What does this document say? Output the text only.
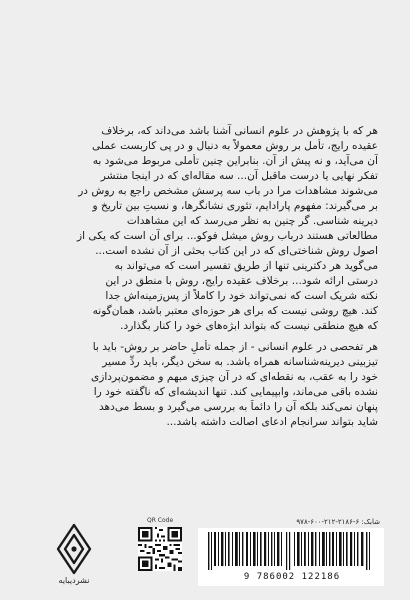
هر که با پژوهش در علوم انسانی آشنا باشد می‌داند که، برخلاف
عقیده رایج، تأمل بر روش معمولاً به دنبال و در پی کاربست عملی
آن می‌آید، و نه پیش از آن. بنابراین چنین تأملی مربوط می‌شود به
تفکر نهایی یا درست ماقبل آن... سه مقاله‌ای که در اینجا منتشر
می‌شوند مشاهدات مرا در باب سه پرسش مشخص راجع به روش در
بر می‌گیرند: مفهوم پارادایم، تئوری نشانگرها، و نسبتِ بین تاریخ و
دیرینه شناسی. گر چنین به نظر می‌رسد که این مشاهدات
مطالعاتی هستند درباب روش میشل فوکو... برای آن است که یکی از
اصول روش شناختی‌ای که در این کتاب بحثی از آن نشده است...
می‌گوید هر دکترینی تنها از طریق تفسیر است که می‌تواند به
درستی ارائه شود... برخلاف عقیده رایج، روش با منطق در این
نکته شریک است که نمی‌تواند خود را کاملاً از پس‌زمینه‌اش جدا
کند. هیچ روشی نیست که برای هر حوزه‌ای معتبر باشد، همان‌گونه
که هیچ منطقی نیست که بتواند ابژه‌های خود را کنار بگذارد.
هر تفحصی در علوم انسانی - از جمله تأملِ حاضر بر روش- باید با
تیزبینی دیرینه‌شناسانه همراه باشد. به سخن دیگر، باید ردِّ مسیر
خود را به عقب، به نقطه‌ای که در آن چیزی مبهم و مضمون‌پردازی
نشده باقی می‌ماند، وابپیمایی کند. تنها اندیشه‌ای که ناگفته خود را
پنهان نمی‌کند بلکه آن را دائماً به بررسی می‌گیرد و بسط می‌دهد
شاید بتواند سرانجام ادعای اصالت داشته باشد...
شابک: ۶-۲۱۸۶-۲۱۲-۶۰۰-۹۷۸
9 786002 122186
QR Code
نشردیبایه
